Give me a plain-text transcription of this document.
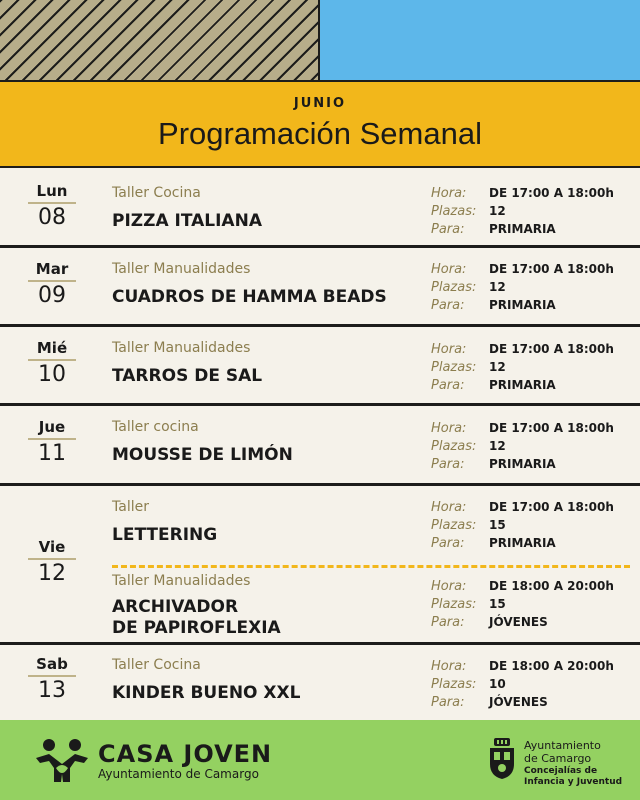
JUNIO
Programación Semanal
Lun
08
Taller Cocina
PIZZA ITALIANA
Hora: DE 17:00 A 18:00h
Plazas: 12
Para: PRIMARIA
Mar
09
Taller Manualidades
CUADROS DE HAMMA BEADS
Hora: DE 17:00 A 18:00h
Plazas: 12
Para: PRIMARIA
Mié
10
Taller Manualidades
TARROS DE SAL
Hora: DE 17:00 A 18:00h
Plazas: 12
Para: PRIMARIA
Jue
11
Taller cocina
MOUSSE DE LIMÓN
Hora: DE 17:00 A 18:00h
Plazas: 12
Para: PRIMARIA
Vie
12
Taller
LETTERING
Hora: DE 17:00 A 18:00h
Plazas: 15
Para: PRIMARIA
Taller Manualidades
ARCHIVADOR
DE PAPIROFLEXIA
Hora: DE 18:00 A 20:00h
Plazas: 15
Para: JÓVENES
Sab
13
Taller Cocina
KINDER BUENO XXL
Hora: DE 18:00 A 20:00h
Plazas: 10
Para: JÓVENES
CASA JOVEN
Ayuntamiento de Camargo
Ayuntamiento
de Camargo
Concejalías de
Infancia y Juventud
